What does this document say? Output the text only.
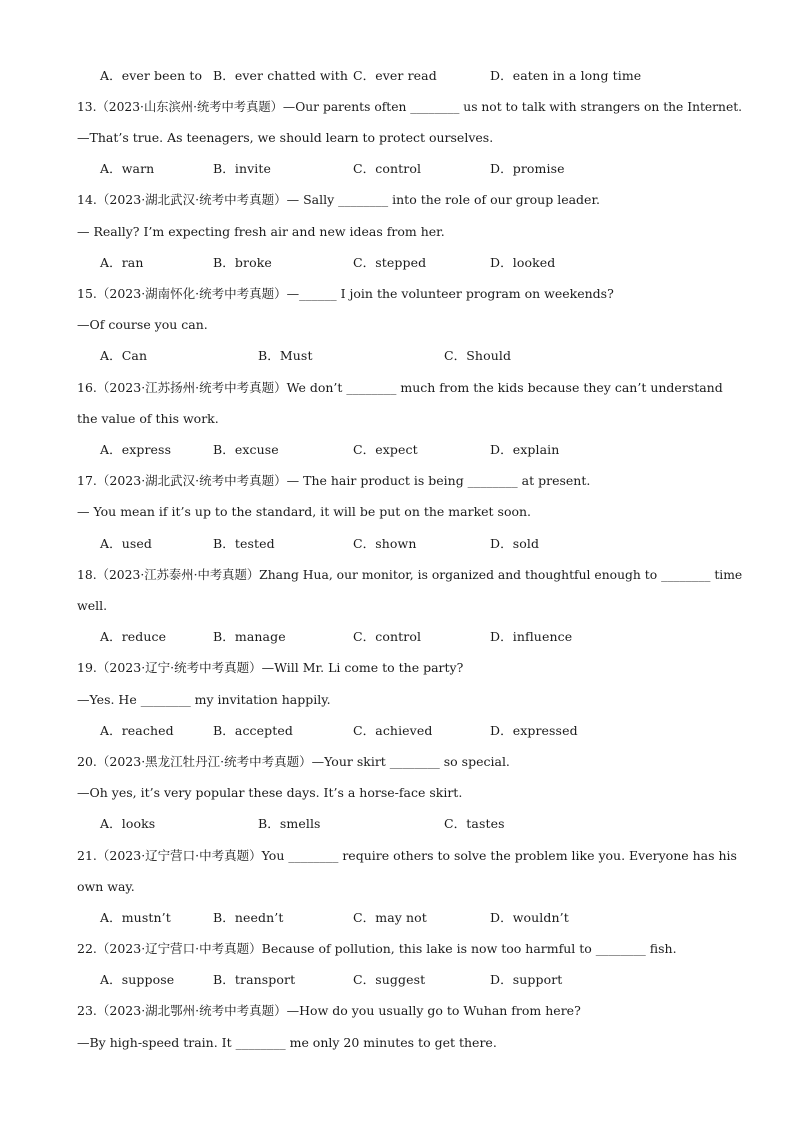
A．ever been to B．ever chatted with C．ever read	D．eaten in a long time
13.（2023·山东滨州·统考中考真题）—Our parents often ________ us not to talk with strangers on the Internet.
—That’s true. As teenagers, we should learn to protect ourselves.
A．warn	B．invite	C．control	D．promise
14.（2023·湖北武汉·统考中考真题）— Sally ________ into the role of our group leader.
— Really? I’m expecting fresh air and new ideas from her.
A．ran	B．broke	C．stepped	D．looked
15.（2023·湖南怀化·统考中考真题）—______ I join the volunteer program on weekends?
—Of course you can.
A．Can	B．Must	C．Should
16.（2023·江苏扬州·统考中考真题）We don’t ________ much from the kids because they can’t understand
the value of this work.
A．express	B．excuse	C．expect	D．explain
17.（2023·湖北武汉·统考中考真题）— The hair product is being ________ at present.
— You mean if it’s up to the standard, it will be put on the market soon.
A．used	B．tested	C．shown	D．sold
18.（2023·江苏泰州·中考真题）Zhang Hua, our monitor, is organized and thoughtful enough to ________ time
well.
A．reduce	B．manage	C．control	D．influence
19.（2023·辽宁·统考中考真题）—Will Mr. Li come to the party?
—Yes. He ________ my invitation happily.
A．reached	B．accepted	C．achieved	D．expressed
20.（2023·黑龙江牡丹江·统考中考真题）—Your skirt ________ so special.
—Oh yes, it’s very popular these days. It’s a horse-face skirt.
A．looks	B．smells	C．tastes
21.（2023·辽宁营口·中考真题）You ________ require others to solve the problem like you. Everyone has his
own way.
A．mustn’t	B．needn’t	C．may not	D．wouldn’t
22.（2023·辽宁营口·中考真题）Because of pollution, this lake is now too harmful to ________ fish.
A．suppose	B．transport	C．suggest	D．support
23.（2023·湖北鄂州·统考中考真题）—How do you usually go to Wuhan from here?
—By high-speed train. It ________ me only 20 minutes to get there.
